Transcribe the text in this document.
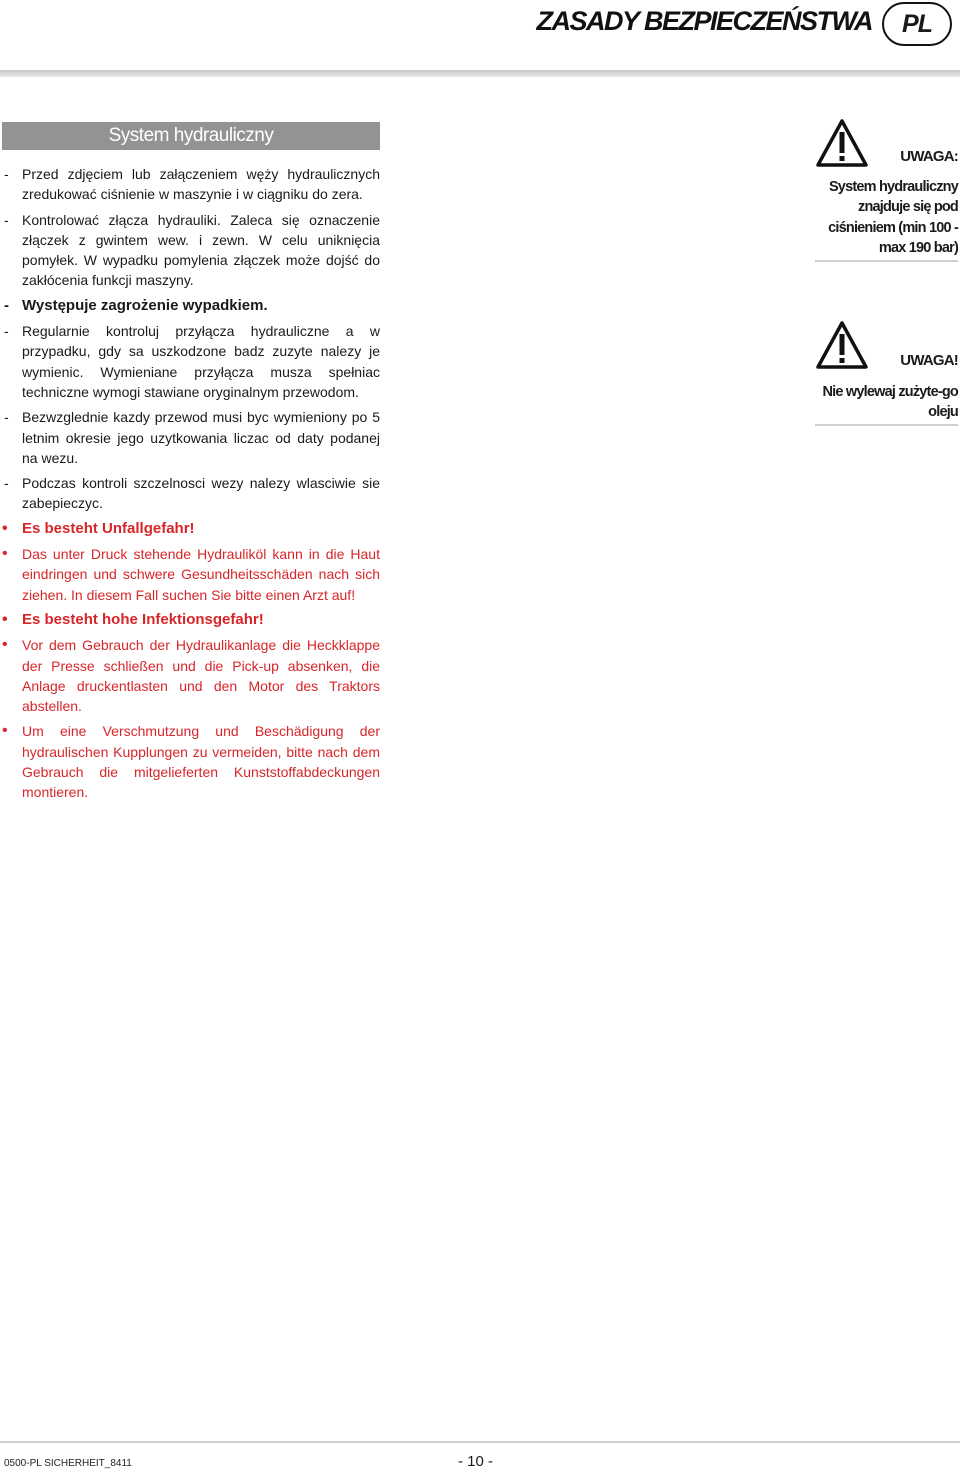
ZASADY BEZPIECZEŃSTWA	PL
System hydrauliczny
- Przed zdjęciem lub załączeniem węży hydraulicznych zredukować ciśnienie w maszynie i w ciągniku do zera.
- Kontrolować złącza hydrauliki. Zaleca się oznaczenie złączek z gwintem wew. i zewn. W celu uniknięcia pomyłek. W wypadku pomylenia złączek może dojść do zakłócenia funkcji maszyny.
- Występuje zagrożenie wypadkiem.
- Regularnie kontroluj przyłącza hydrauliczne a w przypadku, gdy sa uszkodzone badz zuzyte nalezy je wymienic. Wymieniane przyłącza musza spełniac techniczne wymogi stawiane oryginalnym przewodom.
- Bezwzglednie kazdy przewod musi byc wymieniony po 5 letnim okresie jego uzytkowania liczac od daty podanej na wezu.
- Podczas kontroli szczelnosci wezy nalezy wlasciwie sie zabepieczyc.
• Es besteht Unfallgefahr!
• Das unter Druck stehende Hydrauliköl kann in die Haut eindringen und schwere Gesundheitsschäden nach sich ziehen. In diesem Fall suchen Sie bitte einen Arzt auf!
• Es besteht hohe Infektionsgefahr!
• Vor dem Gebrauch der Hydraulikanlage die Heckklappe der Presse schließen und die Pick-up absenken, die Anlage druckentlasten und den Motor des Traktors abstellen.
• Um eine Verschmutzung und Beschädigung der hydraulischen Kupplungen zu vermeiden, bitte nach dem Gebrauch die mitgelieferten Kunststoffabdeckungen montieren.
UWAGA:
System hydrauliczny znajduje się pod ciśnieniem (min 100 - max 190 bar)
UWAGA!
Nie wylewaj zużyte-go oleju
0500-PL SICHERHEIT_8411	- 10 -
